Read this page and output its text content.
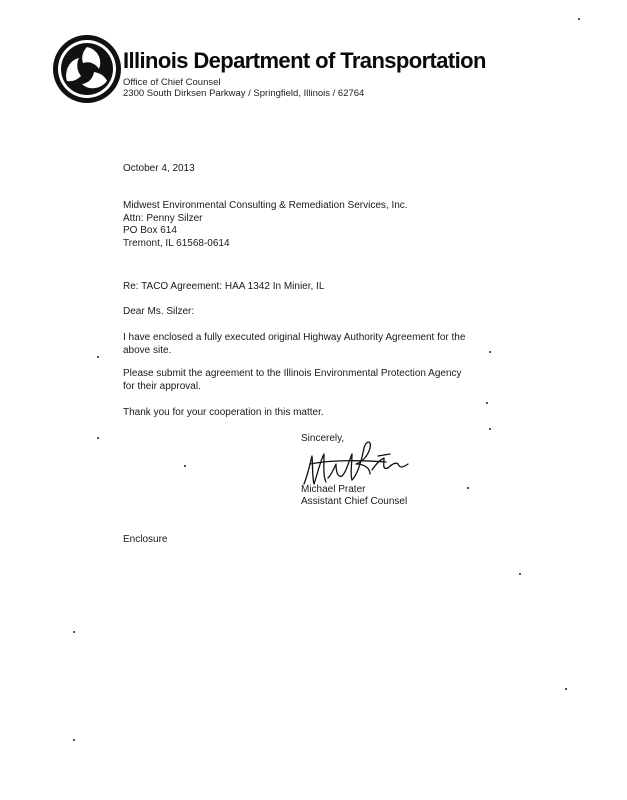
Illinois Department of Transportation
Office of Chief Counsel
2300 South Dirksen Parkway / Springfield, Illinois / 62764
October 4, 2013
Midwest Environmental Consulting & Remediation Services, Inc.
Attn: Penny Silzer
PO Box 614
Tremont, IL 61568-0614
Re: TACO Agreement: HAA 1342 In Minier, IL
Dear Ms. Silzer:
I have enclosed a fully executed original Highway Authority Agreement for the
above site.
Please submit the agreement to the Illinois Environmental Protection Agency
for their approval.
Thank you for your cooperation in this matter.
Sincerely,
Michael Prater
Assistant Chief Counsel
Enclosure
